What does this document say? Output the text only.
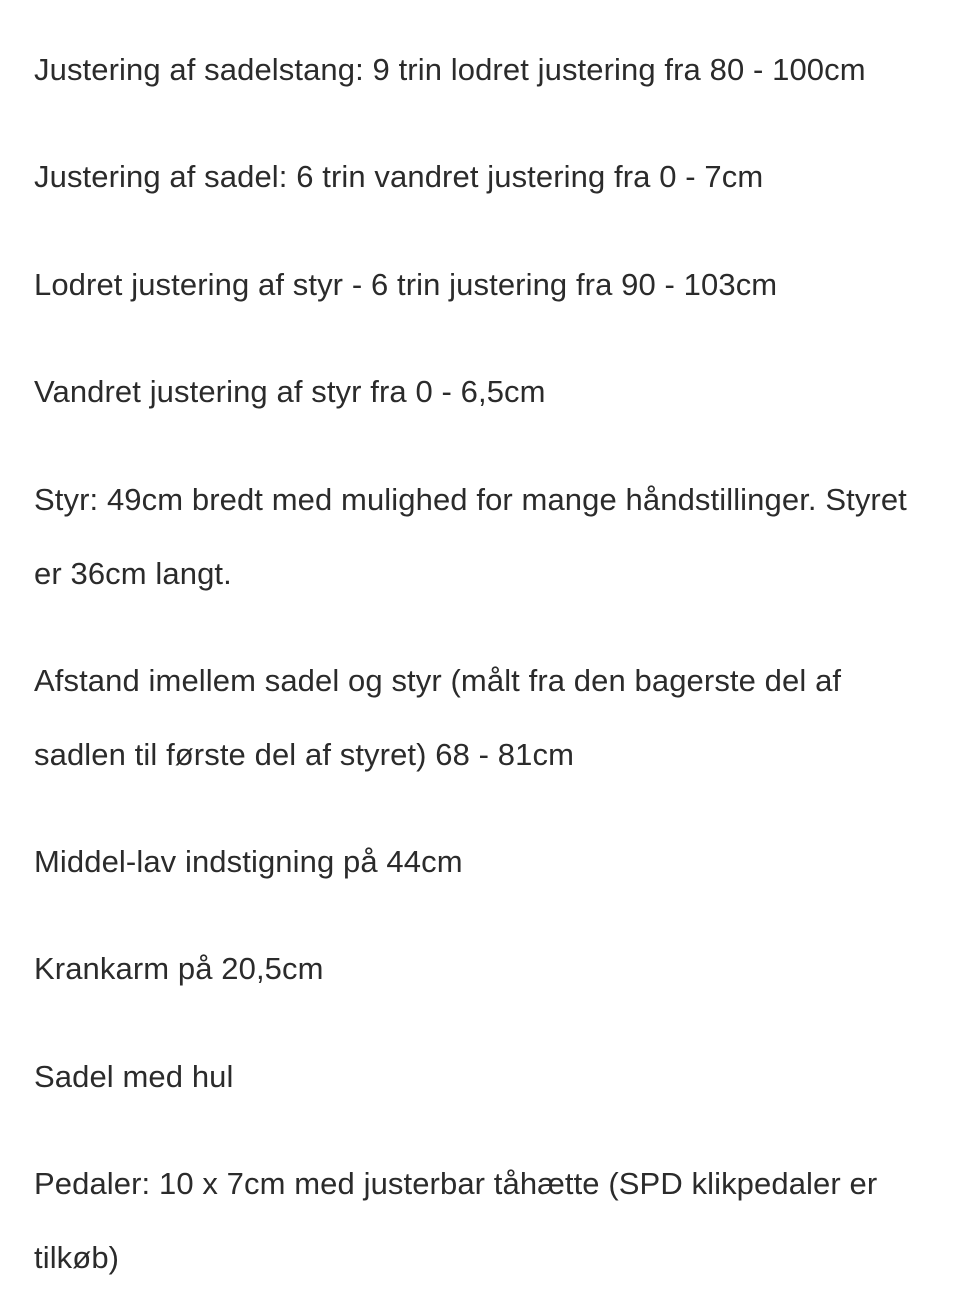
Justering af sadelstang: 9 trin lodret justering fra 80 - 100cm

Justering af sadel: 6 trin vandret justering fra 0 - 7cm

Lodret justering af styr - 6 trin justering fra 90 - 103cm

Vandret justering af styr fra 0 - 6,5cm

Styr: 49cm bredt med mulighed for mange håndstillinger. Styret er 36cm langt.

Afstand imellem sadel og styr (målt fra den bagerste del af sadlen til første del af styret) 68 - 81cm

Middel-lav indstigning på 44cm

Krankarm på 20,5cm

Sadel med hul

Pedaler: 10 x 7cm med justerbar tåhætte (SPD klikpedaler er tilkøb)
